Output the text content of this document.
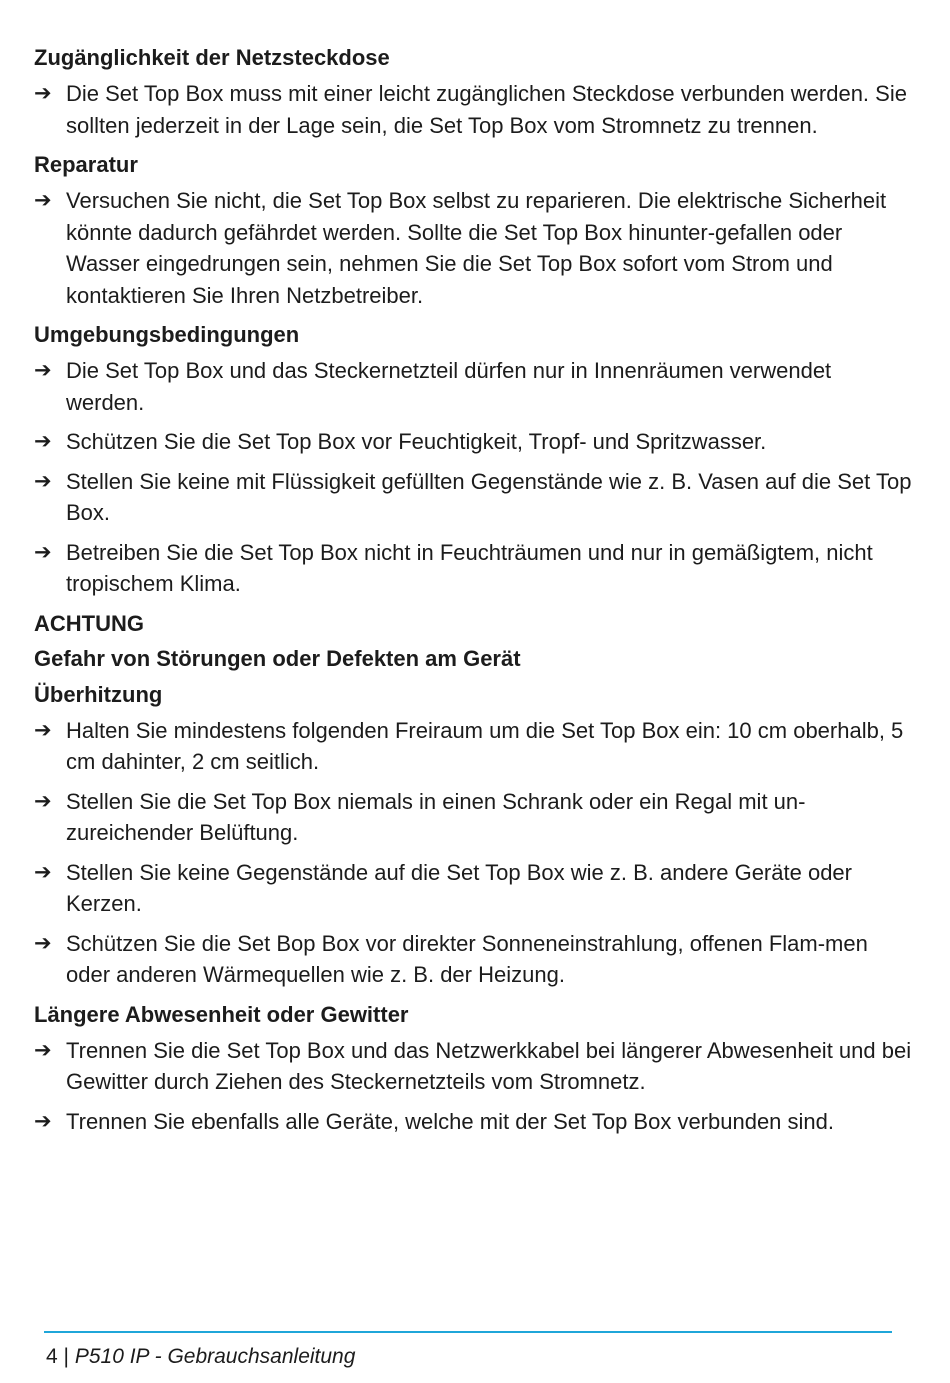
Zugänglichkeit der Netzsteckdose
➔ Die Set Top Box muss mit einer leicht zugänglichen Steckdose verbunden werden. Sie sollten jederzeit in der Lage sein, die Set Top Box vom Stromnetz zu trennen.
Reparatur
➔ Versuchen Sie nicht, die Set Top Box selbst zu reparieren. Die elektrische Sicherheit könnte dadurch gefährdet werden. Sollte die Set Top Box hinunter-gefallen oder Wasser eingedrungen sein, nehmen Sie die Set Top Box sofort vom Strom und kontaktieren Sie Ihren Netzbetreiber.
Umgebungsbedingungen
➔ Die Set Top Box und das Steckernetzteil dürfen nur in Innenräumen verwendet werden.
➔ Schützen Sie die Set Top Box vor Feuchtigkeit, Tropf- und Spritzwasser.
➔ Stellen Sie keine mit Flüssigkeit gefüllten Gegenstände wie z. B. Vasen auf die Set Top Box.
➔ Betreiben Sie die Set Top Box nicht in Feuchträumen und nur in gemäßigtem, nicht tropischem Klima.
ACHTUNG
Gefahr von Störungen oder Defekten am Gerät
Überhitzung
➔ Halten Sie mindestens folgenden Freiraum um die Set Top Box ein: 10 cm oberhalb, 5 cm dahinter, 2 cm seitlich.
➔ Stellen Sie die Set Top Box niemals in einen Schrank oder ein Regal mit un-zureichender Belüftung.
➔ Stellen Sie keine Gegenstände auf die Set Top Box wie z. B. andere Geräte oder Kerzen.
➔ Schützen Sie die Set Bop Box vor direkter Sonneneinstrahlung, offenen Flam-men oder anderen Wärmequellen wie z. B. der Heizung.
Längere Abwesenheit oder Gewitter
➔ Trennen Sie die Set Top Box und das Netzwerkkabel bei längerer Abwesenheit und bei Gewitter durch Ziehen des Steckernetzteils vom Stromnetz.
➔ Trennen Sie ebenfalls alle Geräte, welche mit der Set Top Box verbunden sind.
4 | P510 IP - Gebrauchsanleitung
